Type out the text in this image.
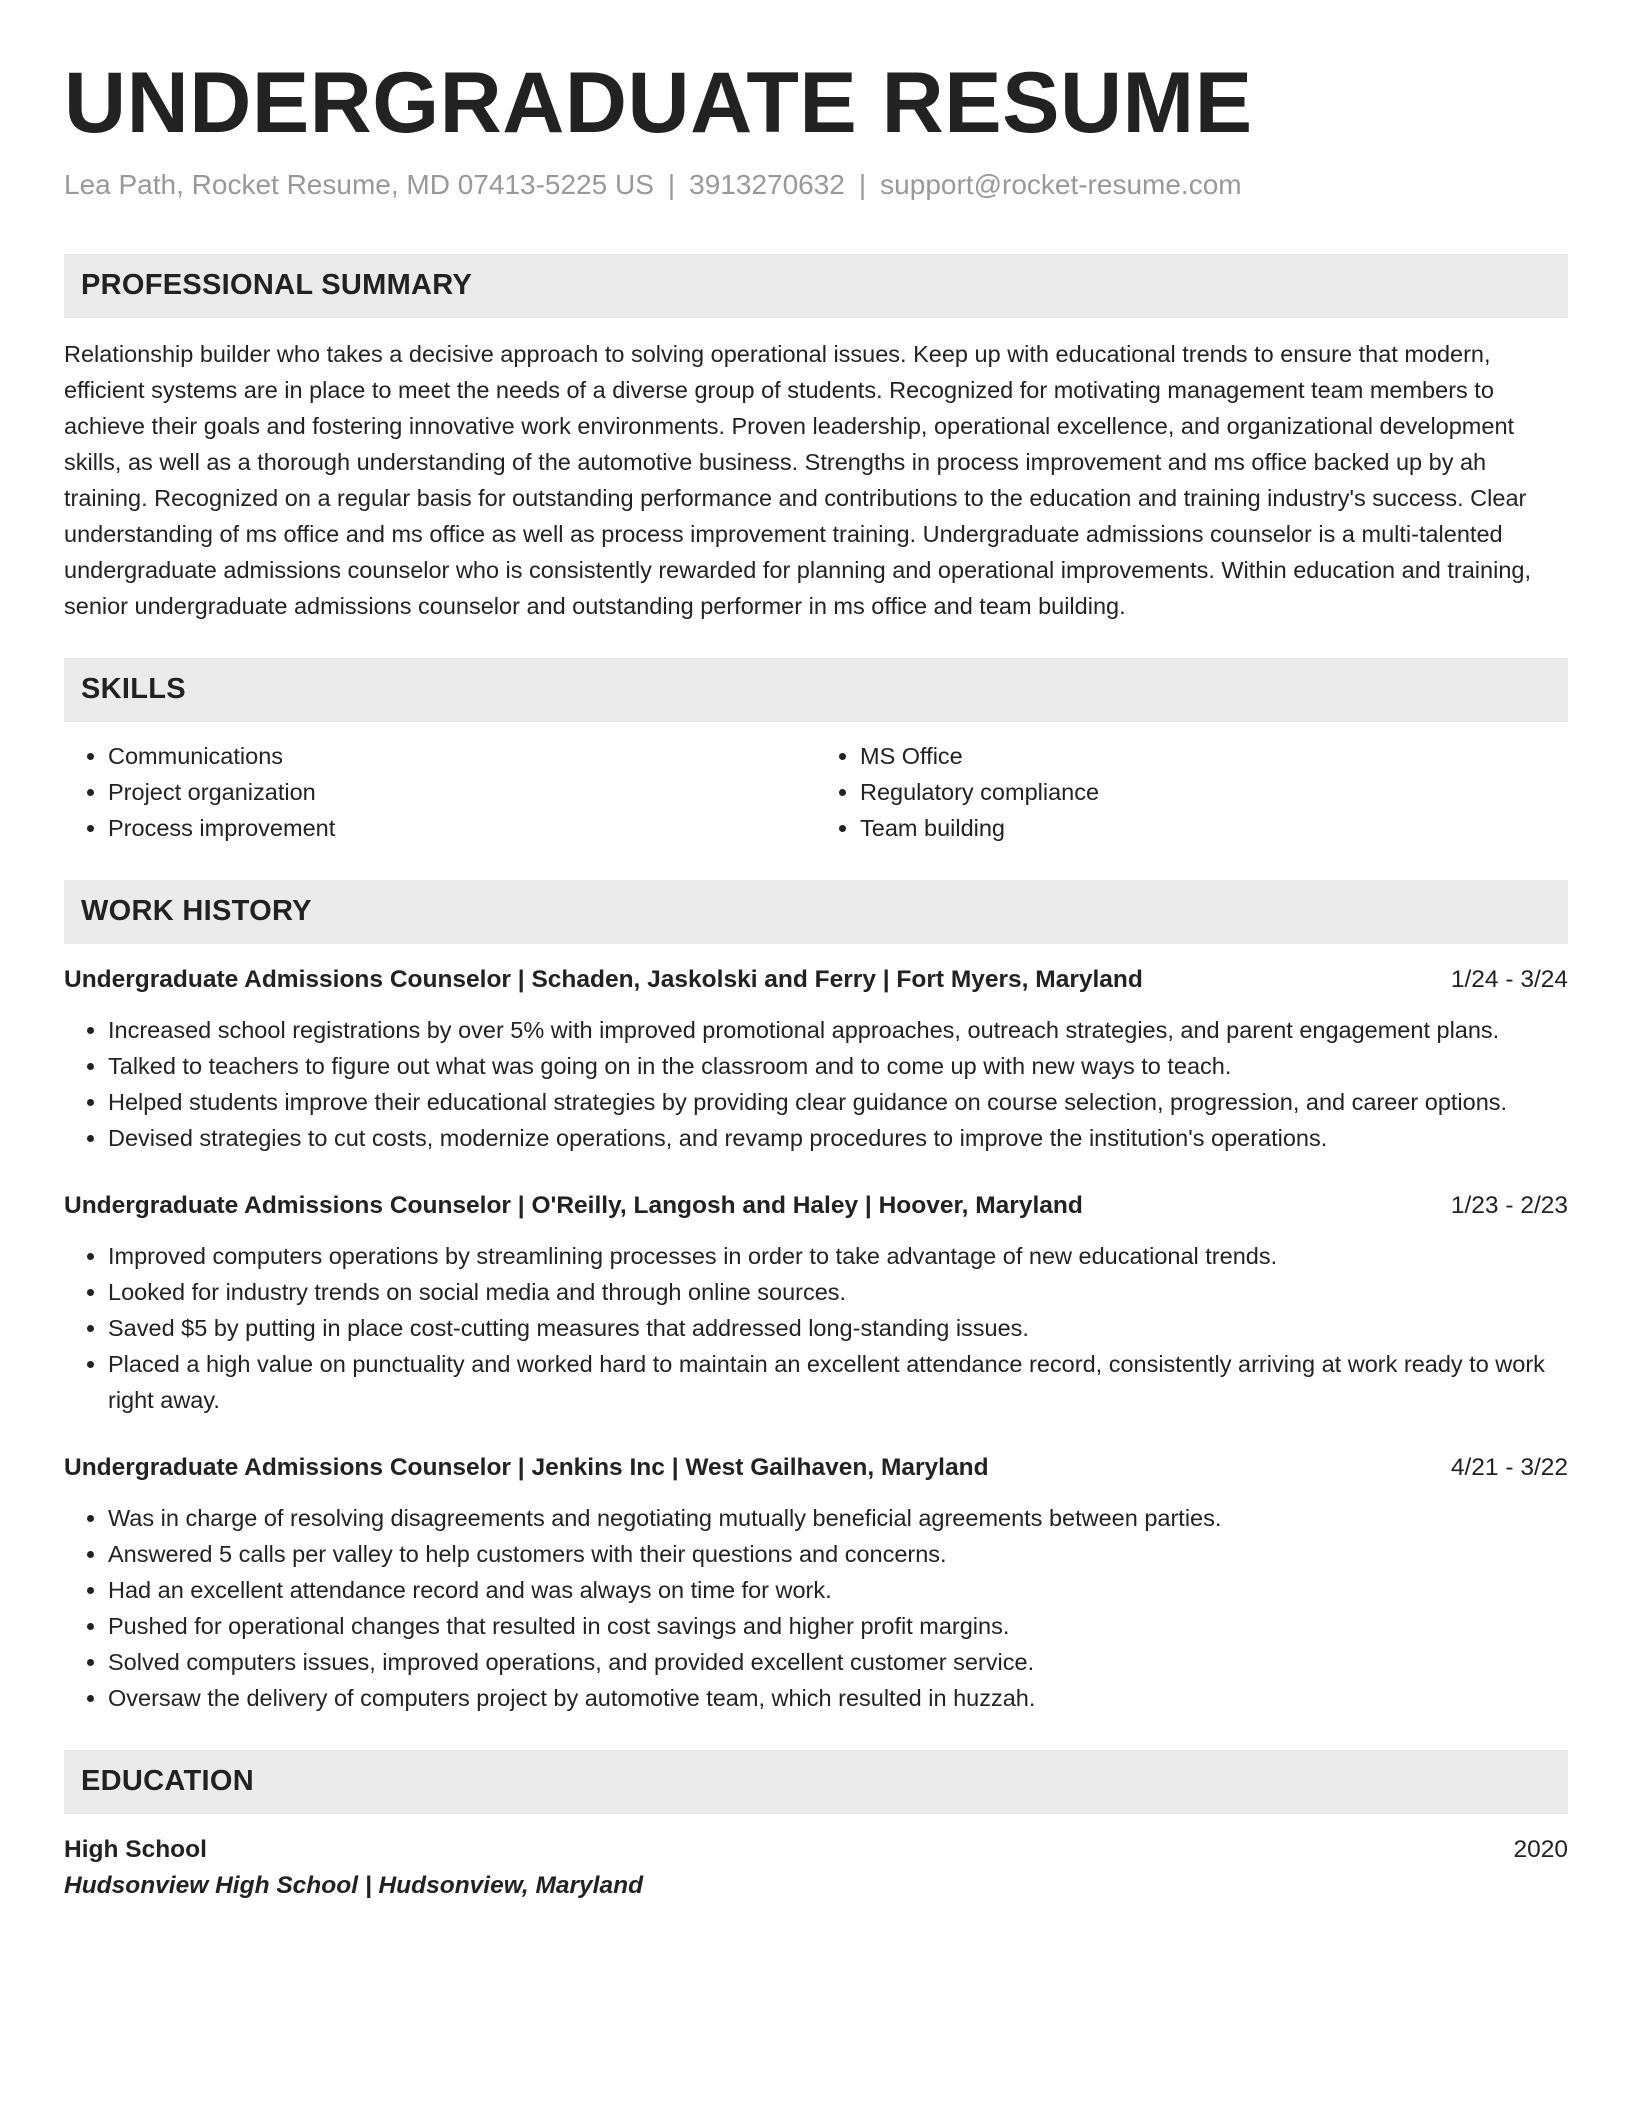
UNDERGRADUATE RESUME
Lea Path, Rocket Resume, MD 07413-5225 US | 3913270632 | support@rocket-resume.com
PROFESSIONAL SUMMARY

Relationship builder who takes a decisive approach to solving operational issues. Keep up with educational trends to ensure that modern, efficient systems are in place to meet the needs of a diverse group of students. Recognized for motivating management team members to achieve their goals and fostering innovative work environments. Proven leadership, operational excellence, and organizational development skills, as well as a thorough understanding of the automotive business. Strengths in process improvement and ms office backed up by ah training. Recognized on a regular basis for outstanding performance and contributions to the education and training industry's success. Clear understanding of ms office and ms office as well as process improvement training. Undergraduate admissions counselor is a multi-talented undergraduate admissions counselor who is consistently rewarded for planning and operational improvements. Within education and training, senior undergraduate admissions counselor and outstanding performer in ms office and team building.

SKILLS
• Communications
• Project organization
• Process improvement
• MS Office
• Regulatory compliance
• Team building
WORK HISTORY
Undergraduate Admissions Counselor | Schaden, Jaskolski and Ferry | Fort Myers, Maryland	1/24 - 3/24
• Increased school registrations by over 5% with improved promotional approaches, outreach strategies, and parent engagement plans.
• Talked to teachers to figure out what was going on in the classroom and to come up with new ways to teach.
• Helped students improve their educational strategies by providing clear guidance on course selection, progression, and career options.
• Devised strategies to cut costs, modernize operations, and revamp procedures to improve the institution's operations.
Undergraduate Admissions Counselor | O'Reilly, Langosh and Haley | Hoover, Maryland	1/23 - 2/23
• Improved computers operations by streamlining processes in order to take advantage of new educational trends.
• Looked for industry trends on social media and through online sources.
• Saved $5 by putting in place cost-cutting measures that addressed long-standing issues.
• Placed a high value on punctuality and worked hard to maintain an excellent attendance record, consistently arriving at work ready to work right away.
Undergraduate Admissions Counselor | Jenkins Inc | West Gailhaven, Maryland	4/21 - 3/22
• Was in charge of resolving disagreements and negotiating mutually beneficial agreements between parties.
• Answered 5 calls per valley to help customers with their questions and concerns.
• Had an excellent attendance record and was always on time for work.
• Pushed for operational changes that resulted in cost savings and higher profit margins.
• Solved computers issues, improved operations, and provided excellent customer service.
• Oversaw the delivery of computers project by automotive team, which resulted in huzzah.
EDUCATION
High School	2020
Hudsonview High School | Hudsonview, Maryland
